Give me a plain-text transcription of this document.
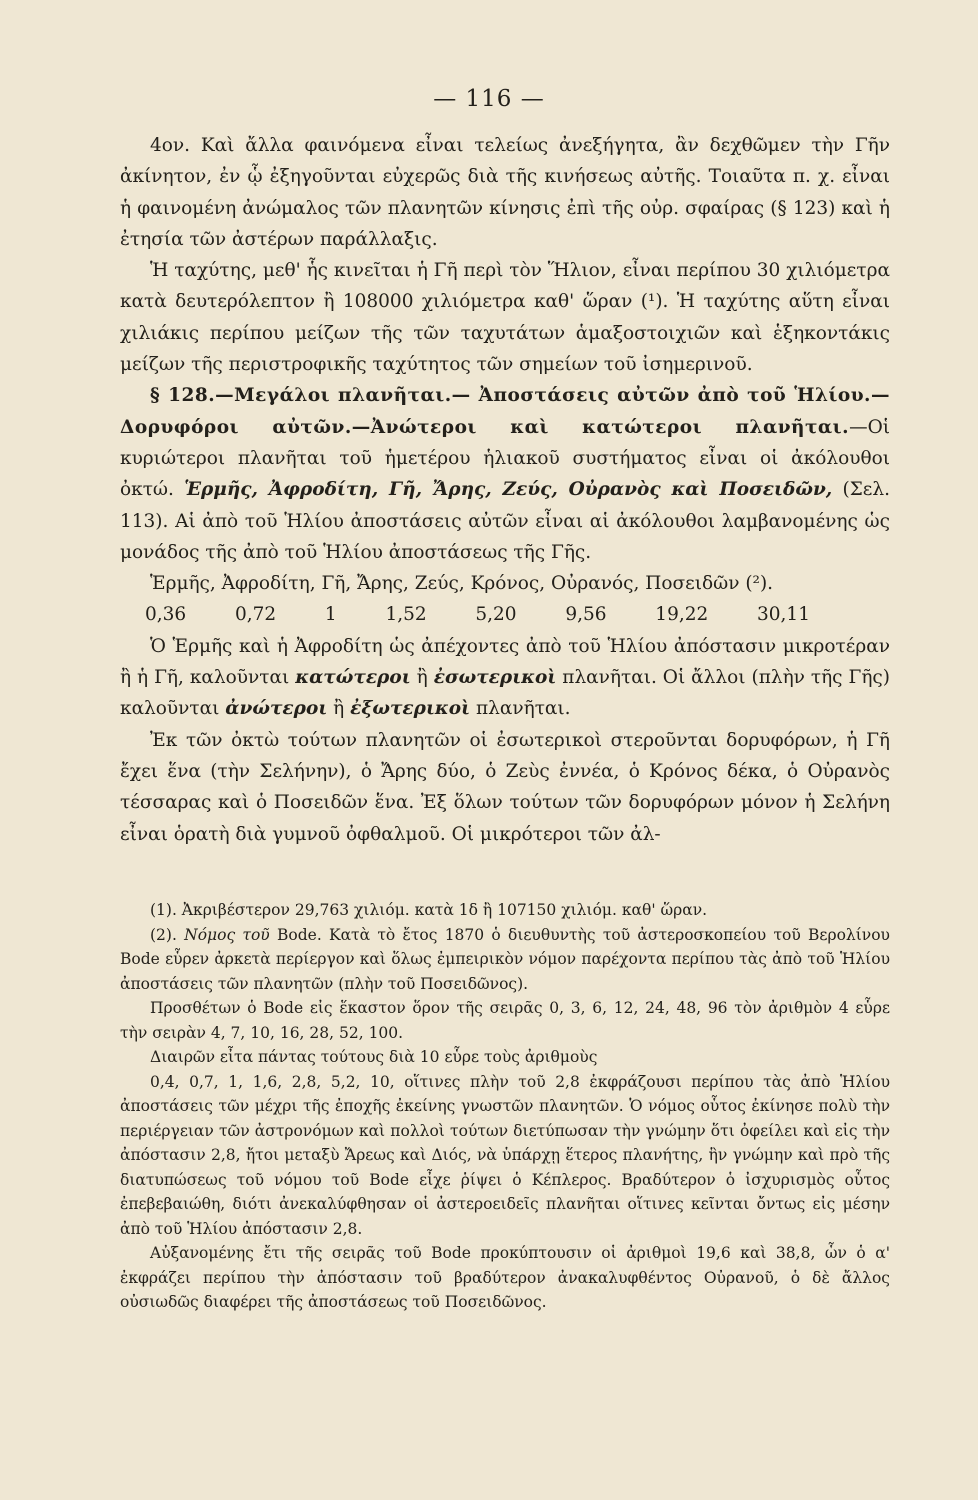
— 116 —

4ον. Καὶ ἄλλα φαινόμενα εἶναι τελείως ἀνεξήγητα, ἂν δεχθῶμεν τὴν Γῆν ἀκίνητον, ἐν ᾧ ἐξηγοῦνται εὐχερῶς διὰ τῆς κινήσεως αὐτῆς. Τοιαῦτα π. χ. εἶναι ἡ φαινομένη ἀνώμαλος τῶν πλανητῶν κίνησις ἐπὶ τῆς οὐρ. σφαίρας (§ 123) καὶ ἡ ἐτησία τῶν ἀστέρων παράλλαξις.

Ἡ ταχύτης, μεθ' ἧς κινεῖται ἡ Γῆ περὶ τὸν Ἥλιον, εἶναι περίπου 30 χιλιόμετρα κατὰ δευτερόλεπτον ἢ 108000 χιλιόμετρα καθ' ὥραν (¹). Ἡ ταχύτης αὕτη εἶναι χιλιάκις περίπου μείζων τῆς τῶν ταχυτάτων ἁμαξοστοιχιῶν καὶ ἑξηκοντάκις μείζων τῆς περιστροφικῆς ταχύτητος τῶν σημείων τοῦ ἰσημερινοῦ.

§ 128.—Μεγάλοι πλανῆται.— Ἀποστάσεις αὐτῶν ἀπὸ τοῦ Ἡλίου.—Δορυφόροι αὐτῶν.—Ἀνώτεροι καὶ κατώτεροι πλανῆται.—Οἱ κυριώτεροι πλανῆται τοῦ ἡμετέρου ἡλιακοῦ συστήματος εἶναι οἱ ἀκόλουθοι ὀκτώ. Ἑρμῆς, Ἀφροδίτη, Γῆ, Ἄρης, Ζεύς, Οὐρανὸς καὶ Ποσειδῶν, (Σελ. 113). Αἱ ἀπὸ τοῦ Ἡλίου ἀποστάσεις αὐτῶν εἶναι αἱ ἀκόλουθοι λαμβανομένης ὡς μονάδος τῆς ἀπὸ τοῦ Ἡλίου ἀποστάσεως τῆς Γῆς.

Ἑρμῆς, Ἀφροδίτη, Γῆ, Ἄρης, Ζεύς, Κρόνος, Οὐρανός, Ποσειδῶν (²).

0,36	0,72	1	1,52	5,20	9,56	19,22	30,11

Ὁ Ἑρμῆς καὶ ἡ Ἀφροδίτη ὡς ἀπέχοντες ἀπὸ τοῦ Ἡλίου ἀπόστασιν μικροτέραν ἢ ἡ Γῆ, καλοῦνται κατώτεροι ἢ ἐσωτερικοὶ πλανῆται. Οἱ ἄλλοι (πλὴν τῆς Γῆς) καλοῦνται ἀνώτεροι ἢ ἐξωτερικοὶ πλανῆται.

Ἐκ τῶν ὀκτὼ τούτων πλανητῶν οἱ ἐσωτερικοὶ στεροῦνται δορυφόρων, ἡ Γῆ ἔχει ἕνα (τὴν Σελήνην), ὁ Ἄρης δύο, ὁ Ζεὺς ἐννέα, ὁ Κρόνος δέκα, ὁ Οὐρανὸς τέσσαρας καὶ ὁ Ποσειδῶν ἕνα. Ἐξ ὅλων τούτων τῶν δορυφόρων μόνον ἡ Σελήνη εἶναι ὁρατὴ διὰ γυμνοῦ ὀφθαλμοῦ. Οἱ μικρότεροι τῶν ἀλ-

(1). Ἀκριβέστερον 29,763 χιλιόμ. κατὰ 1δ ἢ 107150 χιλιόμ. καθ' ὥραν.

(2). Νόμος τοῦ Bode. Κατὰ τὸ ἔτος 1870 ὁ διευθυντὴς τοῦ ἀστεροσκοπείου τοῦ Βερολίνου Bode εὗρεν ἀρκετὰ περίεργον καὶ ὅλως ἐμπειρικὸν νόμον παρέχοντα περίπου τὰς ἀπὸ τοῦ Ἡλίου ἀποστάσεις τῶν πλανητῶν (πλὴν τοῦ Ποσειδῶνος).

Προσθέτων ὁ Bode εἰς ἕκαστον ὅρον τῆς σειρᾶς 0, 3, 6, 12, 24, 48, 96 τὸν ἀριθμὸν 4 εὗρε τὴν σειρὰν 4, 7, 10, 16, 28, 52, 100.

Διαιρῶν εἶτα πάντας τούτους διὰ 10 εὗρε τοὺς ἀριθμοὺς

0,4, 0,7, 1, 1,6, 2,8, 5,2, 10, οἵτινες πλὴν τοῦ 2,8 ἐκφράζουσι περίπου τὰς ἀπὸ Ἡλίου ἀποστάσεις τῶν μέχρι τῆς ἐποχῆς ἐκείνης γνωστῶν πλανητῶν. Ὁ νόμος οὗτος ἐκίνησε πολὺ τὴν περιέργειαν τῶν ἀστρονόμων καὶ πολλοὶ τούτων διετύπωσαν τὴν γνώμην ὅτι ὀφείλει καὶ εἰς τὴν ἀπόστασιν 2,8, ἤτοι μεταξὺ Ἄρεως καὶ Διός, νὰ ὑπάρχῃ ἕτερος πλανήτης, ἣν γνώμην καὶ πρὸ τῆς διατυπώσεως τοῦ νόμου τοῦ Bode εἶχε ῥίψει ὁ Κέπλερος. Βραδύτερον ὁ ἰσχυρισμὸς οὗτος ἐπεβεβαιώθη, διότι ἀνεκαλύφθησαν οἱ ἀστεροειδεῖς πλανῆται οἵτινες κεῖνται ὄντως εἰς μέσην ἀπὸ τοῦ Ἡλίου ἀπόστασιν 2,8.

Αὐξανομένης ἔτι τῆς σειρᾶς τοῦ Bode προκύπτουσιν οἱ ἀριθμοὶ 19,6 καὶ 38,8, ὧν ὁ α' ἐκφράζει περίπου τὴν ἀπόστασιν τοῦ βραδύτερον ἀνακαλυφθέντος Οὐρανοῦ, ὁ δὲ ἄλλος οὐσιωδῶς διαφέρει τῆς ἀποστάσεως τοῦ Ποσειδῶνος.
